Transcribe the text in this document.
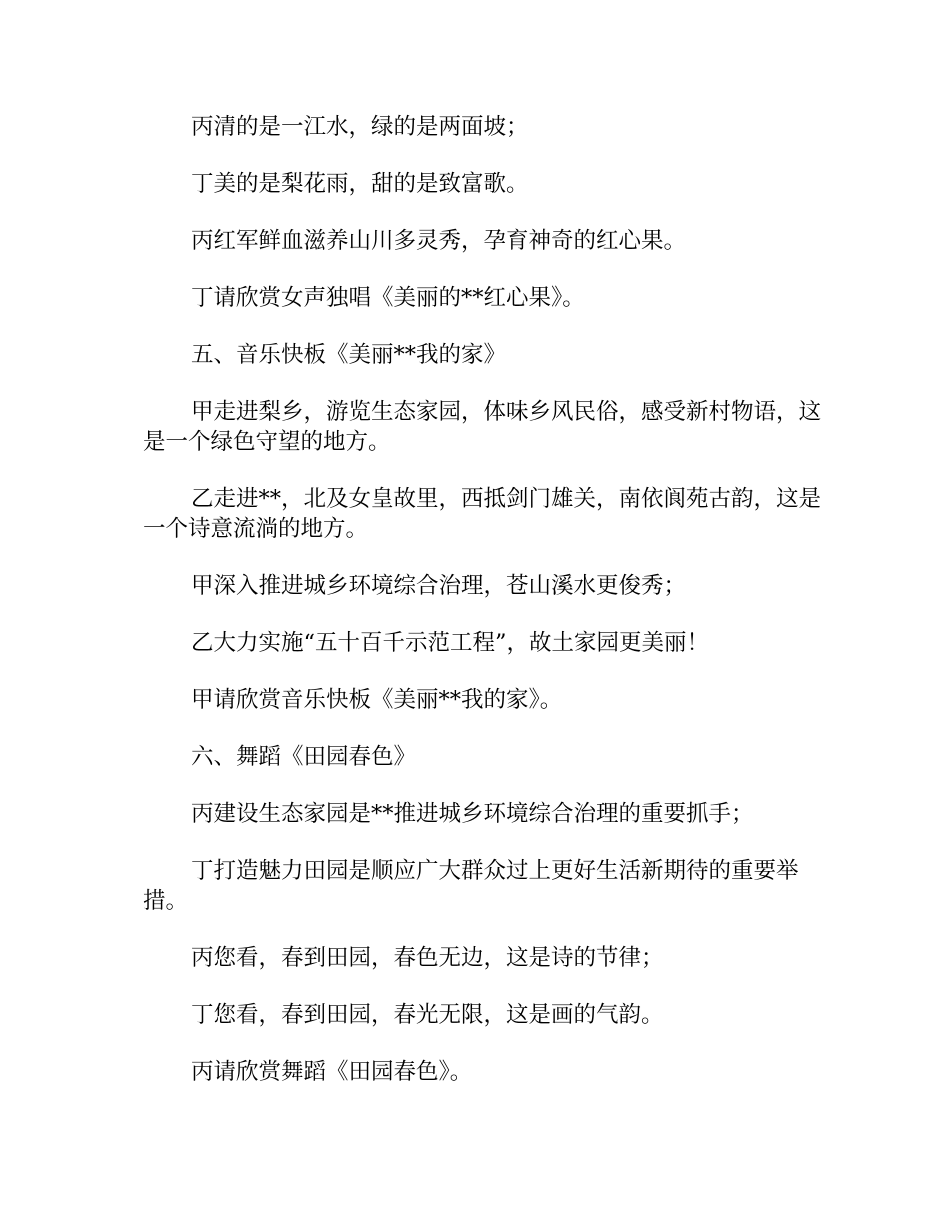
丙清的是一江水，绿的是两面坡；

丁美的是梨花雨，甜的是致富歌。

丙红军鲜血滋养山川多灵秀，孕育神奇的红心果。

丁请欣赏女声独唱《美丽的**红心果》。

五、音乐快板《美丽**我的家》

甲走进梨乡，游览生态家园，体味乡风民俗，感受新村物语，这是一个绿色守望的地方。

乙走进**，北及女皇故里，西抵剑门雄关，南依阆苑古韵，这是一个诗意流淌的地方。

甲深入推进城乡环境综合治理，苍山溪水更俊秀；

乙大力实施“五十百千示范工程”，故土家园更美丽！

甲请欣赏音乐快板《美丽**我的家》。

六、舞蹈《田园春色》

丙建设生态家园是**推进城乡环境综合治理的重要抓手；

丁打造魅力田园是顺应广大群众过上更好生活新期待的重要举措。

丙您看，春到田园，春色无边，这是诗的节律；

丁您看，春到田园，春光无限，这是画的气韵。

丙请欣赏舞蹈《田园春色》。
